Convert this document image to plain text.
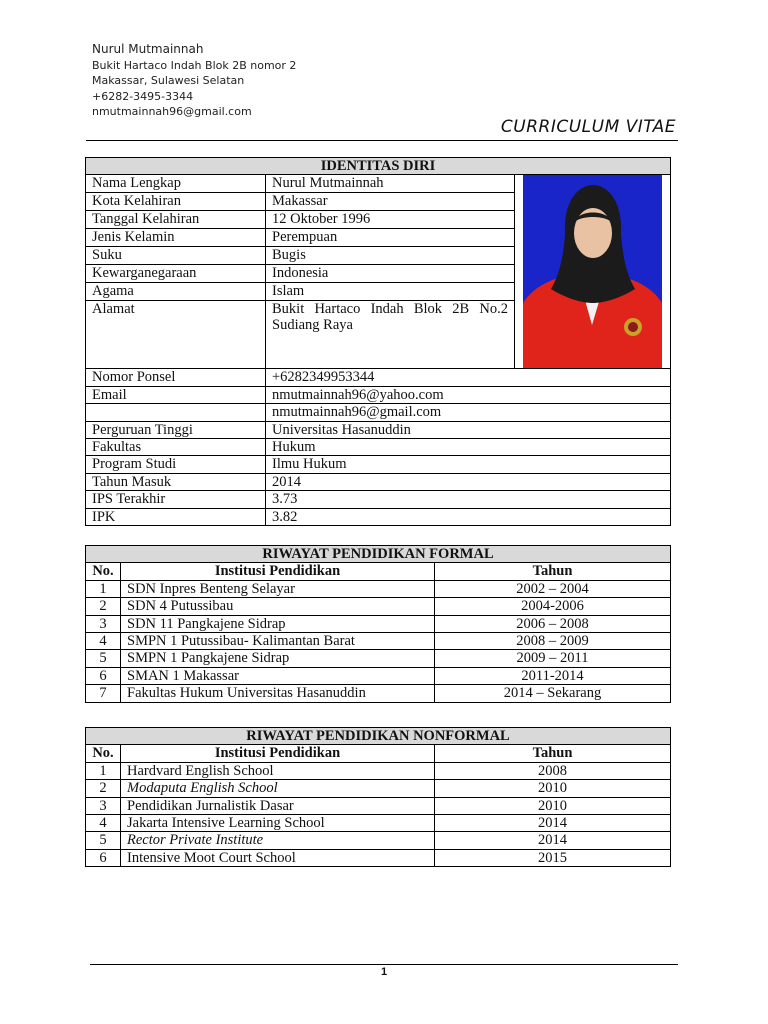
Nurul Mutmainnah
Bukit Hartaco Indah Blok 2B nomor 2
Makassar, Sulawesi Selatan
+6282-3495-3344
nmutmainnah96@gmail.com
CURRICULUM VITAE
IDENTITAS DIRI		
Nama Lengkap	Nurul Mutmainnah	

Kota Kelahiran	Makassar	
Tanggal Kelahiran	12 Oktober 1996	
Jenis Kelamin	Perempuan	
Suku	Bugis	
Kewarganegaraan	Indonesia	
Agama	Islam	
Alamat	Bukit Hartaco Indah Blok 2B No.2 Sudiang Raya	
Nomor Ponsel	+6282349953344	
Email	nmutmainnah96@yahoo.com	
	nmutmainnah96@gmail.com	
Perguruan Tinggi	Universitas Hasanuddin	
Fakultas	Hukum	
Program Studi	Ilmu Hukum	
Tahun Masuk	2014	
IPS Terakhir	3.73	
IPK	3.82	
RIWAYAT PENDIDIKAN FORMAL		
No.	Institusi Pendidikan	Tahun
1	SDN Inpres Benteng Selayar	2002 – 2004
2	SDN 4 Putussibau	2004-2006
3	SDN 11 Pangkajene Sidrap	2006 – 2008
4	SMPN 1 Putussibau- Kalimantan Barat	2008 – 2009
5	SMPN 1 Pangkajene Sidrap	2009 – 2011
6	SMAN 1 Makassar	2011-2014
7	Fakultas Hukum Universitas Hasanuddin	2014 – Sekarang
RIWAYAT PENDIDIKAN NONFORMAL		
No.	Institusi Pendidikan	Tahun
1	Hardvard English School	2008
2	Modaputa English School	2010
3	Pendidikan Jurnalistik Dasar	2010
4	Jakarta Intensive Learning School	2014
5	Rector Private Institute	2014
6	Intensive Moot Court School	2015
1
